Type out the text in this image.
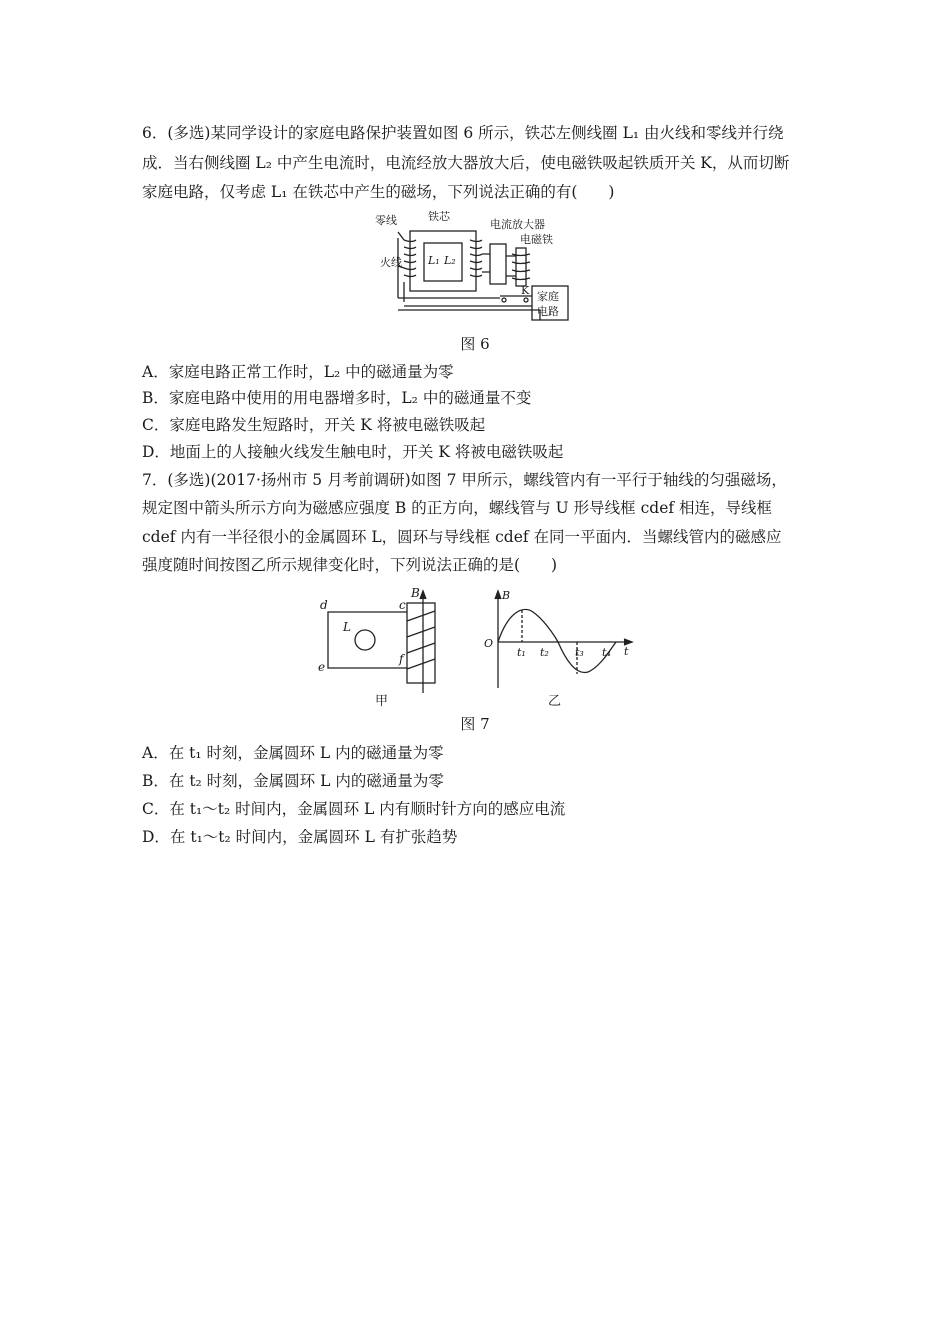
6．(多选)某同学设计的家庭电路保护装置如图 6 所示，铁芯左侧线圈 L₁ 由火线和零线并行绕
成．当右侧线圈 L₂ 中产生电流时，电流经放大器放大后，使电磁铁吸起铁质开关 K，从而切断
家庭电路，仅考虑 L₁ 在铁芯中产生的磁场，下列说法正确的有(　　)
零线	铁芯
电流放大器
电磁铁
火线 L₁ L₂
K 家庭
电路
图 6
A．家庭电路正常工作时，L₂ 中的磁通量为零
B．家庭电路中使用的用电器增多时，L₂ 中的磁通量不变
C．家庭电路发生短路时，开关 K 将被电磁铁吸起
D．地面上的人接触火线发生触电时，开关 K 将被电磁铁吸起
7．(多选)(2017·扬州市 5 月考前调研)如图 7 甲所示，螺线管内有一平行于轴线的匀强磁场，
规定图中箭头所示方向为磁感应强度 B 的正方向，螺线管与 U 形导线框 cdef 相连，导线框
cdef 内有一半径很小的金属圆环 L，圆环与导线框 cdef 在同一平面内．当螺线管内的磁感应
强度随时间按图乙所示规律变化时，下列说法正确的是(　　)
d	c
e
f
L
B
甲
B
O
t
t₁ t₂ t₃ t₄
乙
图 7
A．在 t₁ 时刻，金属圆环 L 内的磁通量为零
B．在 t₂ 时刻，金属圆环 L 内的磁通量为零
C．在 t₁～t₂ 时间内，金属圆环 L 内有顺时针方向的感应电流
D．在 t₁～t₂ 时间内，金属圆环 L 有扩张趋势
